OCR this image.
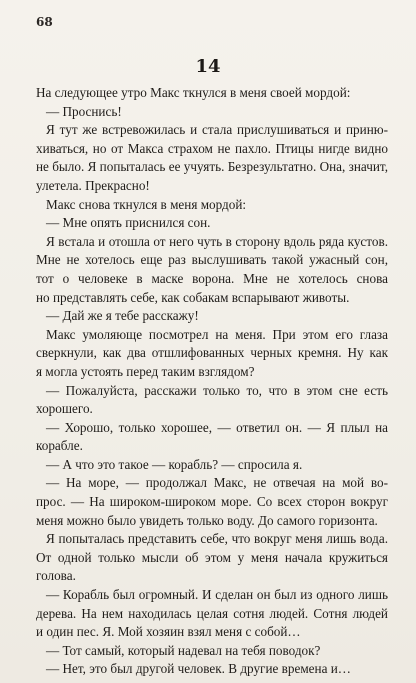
68
14
На следующее утро Макс ткнулся в меня своей мордой:
— Проснись!
Я тут же встревожилась и стала прислушиваться и приню-
хиваться, но от Макса страхом не пахло. Птицы нигде видно
не было. Я попыталась ее учуять. Безрезультатно. Она, значит,
улетела. Прекрасно!
Макс снова ткнулся в меня мордой:
— Мне опять приснился сон.
Я встала и отошла от него чуть в сторону вдоль ряда кустов.
Мне не хотелось еще раз выслушивать такой ужасный сон,
тот о человеке в маске ворона. Мне не хотелось снова
но представлять себе, как собакам вспарывают животы.
— Дай же я тебе расскажу!
Макс умоляюще посмотрел на меня. При этом его глаза
сверкнули, как два отшлифованных черных кремня. Ну как
я могла устоять перед таким взглядом?
— Пожалуйста, расскажи только то, что в этом сне есть
хорошего.
— Хорошо, только хорошее, — ответил он. — Я плыл на
корабле.
— А что это такое — корабль? — спросила я.
— На море, — продолжал Макс, не отвечая на мой во-
прос. — На широком-широком море. Со всех сторон вокруг
меня можно было увидеть только воду. До самого горизонта.
Я попыталась представить себе, что вокруг меня лишь вода.
От одной только мысли об этом у меня начала кружиться
голова.
— Корабль был огромный. И сделан он был из одного лишь
дерева. На нем находилась целая сотня людей. Сотня людей
и один пес. Я. Мой хозяин взял меня с собой…
— Тот самый, который надевал на тебя поводок?
— Нет, это был другой человек. В другие времена и…
